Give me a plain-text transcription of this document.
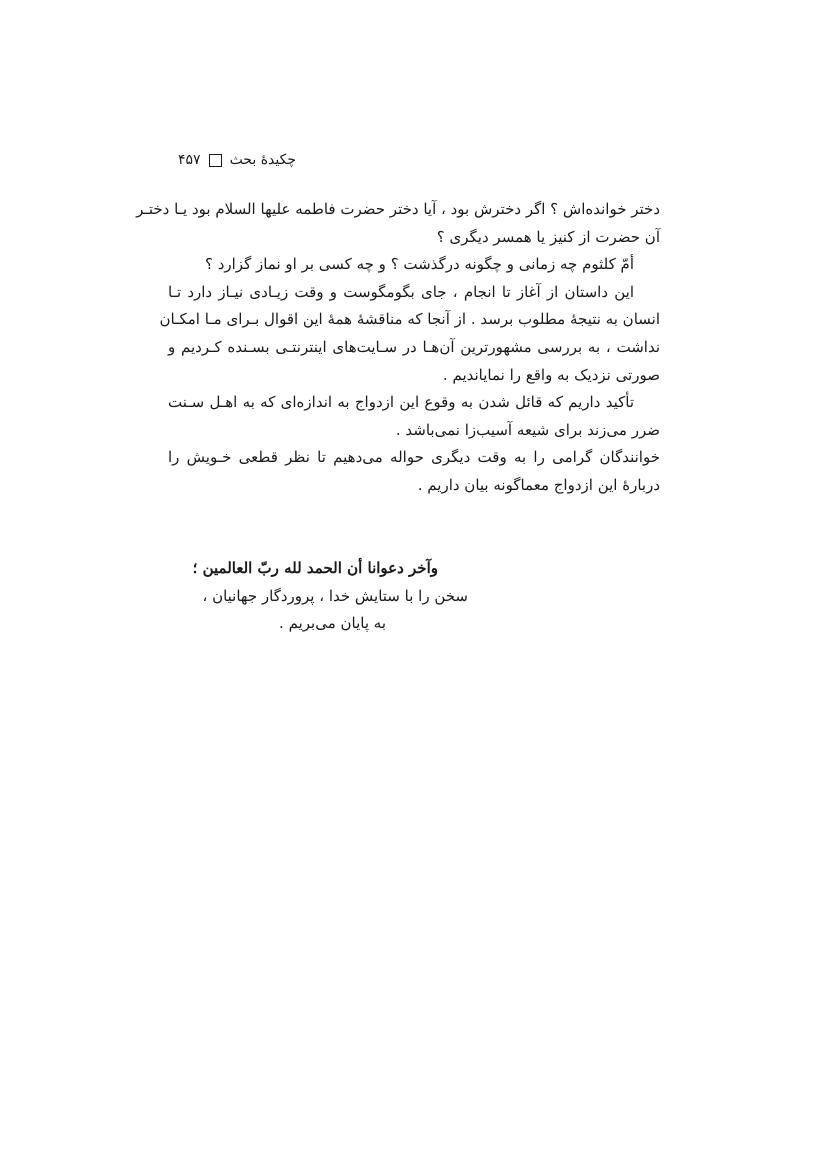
چکیدهٔ بحث
۴۵۷
دختر خوانده‌اش ؟ اگر دخترش بود ، آیا دختر حضرت فاطمه علیها السلام بود یـا دختـر
آن حضرت از کنیز یا همسر دیگری ؟
أمّ کلثوم چه زمانی و چگونه درگذشت ؟ و چه کسی بر او نماز گزارد ؟
این داستان از آغاز تا انجام ، جای بگومگوست و وقت زیـادی نیـاز دارد تـا
انسان به نتیجهٔ مطلوب برسد . از آنجا که مناقشهٔ همهٔ این اقوال بـرای مـا امکـان
نداشت ، به بررسی مشهورترین آن‌هـا در سـایت‌های اینترنتـی بسـنده کـردیم و
صورتی نزدیک به واقع را نمایاندیم .
تأکید داریم که قائل شدن به وقوع این ازدواج به اندازه‌ای که به اهـل سـنت
ضرر می‌زند برای شیعه آسیب‌زا نمی‌باشد .
خوانندگان گرامی را به وقت دیگری حواله می‌دهیم تا نظر قطعی خـویش را
دربارهٔ این ازدواج معماگونه بیان داریم .
وآخر دعوانا أن الحمد لله ربّ العالمین ؛
سخن را با ستایش خدا ، پروردگار جهانیان ،
به پایان می‌بریم .
